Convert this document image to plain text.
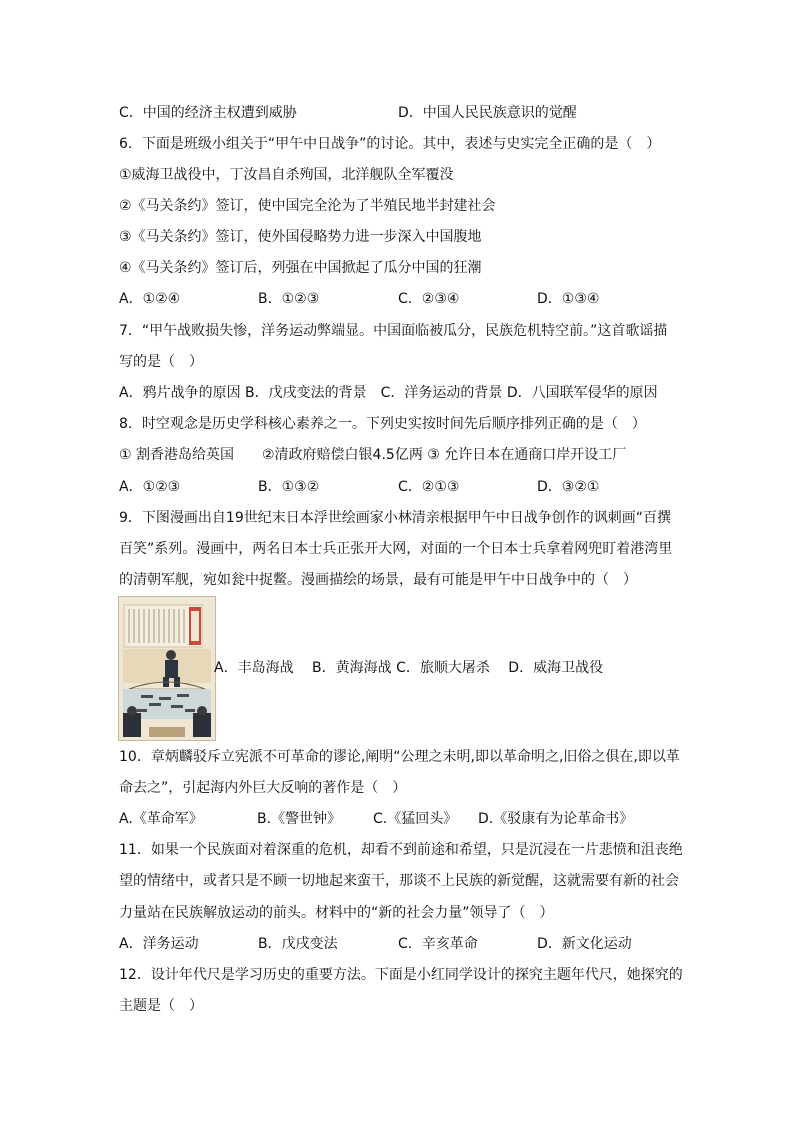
C．中国的经济主权遭到威胁	D．中国人民民族意识的觉醒
6．下面是班级小组关于“甲午中日战争”的讨论。其中，表述与史实完全正确的是（　）
①威海卫战役中，丁汝昌自杀殉国，北洋舰队全军覆没
②《马关条约》签订，使中国完全沦为了半殖民地半封建社会
③《马关条约》签订，使外国侵略势力进一步深入中国腹地
④《马关条约》签订后，列强在中国掀起了瓜分中国的狂潮
A．①②④	B．①②③	C．②③④	D．①③④
7．“甲午战败损失惨，洋务运动弊端显。中国面临被瓜分，民族危机特空前。”这首歌谣描
写的是（　）
A．鸦片战争的原因 B．戊戌变法的背景　C．洋务运动的背景 D．八国联军侵华的原因
8．时空观念是历史学科核心素养之一。下列史实按时间先后顺序排列正确的是（　）
① 割香港岛给英国　　②清政府赔偿白银4.5亿两 ③ 允许日本在通商口岸开设工厂
A．①②③	B．①③②	C．②①③	D．③②①
9．下图漫画出自19世纪末日本浮世绘画家小林清亲根据甲午中日战争创作的讽刺画“百撰
百笑”系列。漫画中，两名日本士兵正张开大网，对面的一个日本士兵拿着网兜盯着港湾里
的清朝军舰，宛如瓮中捉鳖。漫画描绘的场景，最有可能是甲午中日战争中的（　）
A．丰岛海战　 B．黄海海战 C．旅顺大屠杀　 D．威海卫战役
10．章炳麟驳斥立宪派不可革命的谬论,阐明“公理之未明,即以革命明之,旧俗之俱在,即以革
命去之”，引起海内外巨大反响的著作是（　）
A.《革命军》	B.《警世钟》 C.《猛回头》 D.《驳康有为论革命书》
11．如果一个民族面对着深重的危机，却看不到前途和希望，只是沉浸在一片悲愤和沮丧绝
望的情绪中，或者只是不顾一切地起来蛮干，那谈不上民族的新觉醒，这就需要有新的社会
力量站在民族解放运动的前头。材料中的“新的社会力量”领导了（　）
A．洋务运动	B．戊戌变法	C．辛亥革命	D．新文化运动
12．设计年代尺是学习历史的重要方法。下面是小红同学设计的探究主题年代尺，她探究的
主题是（　）
